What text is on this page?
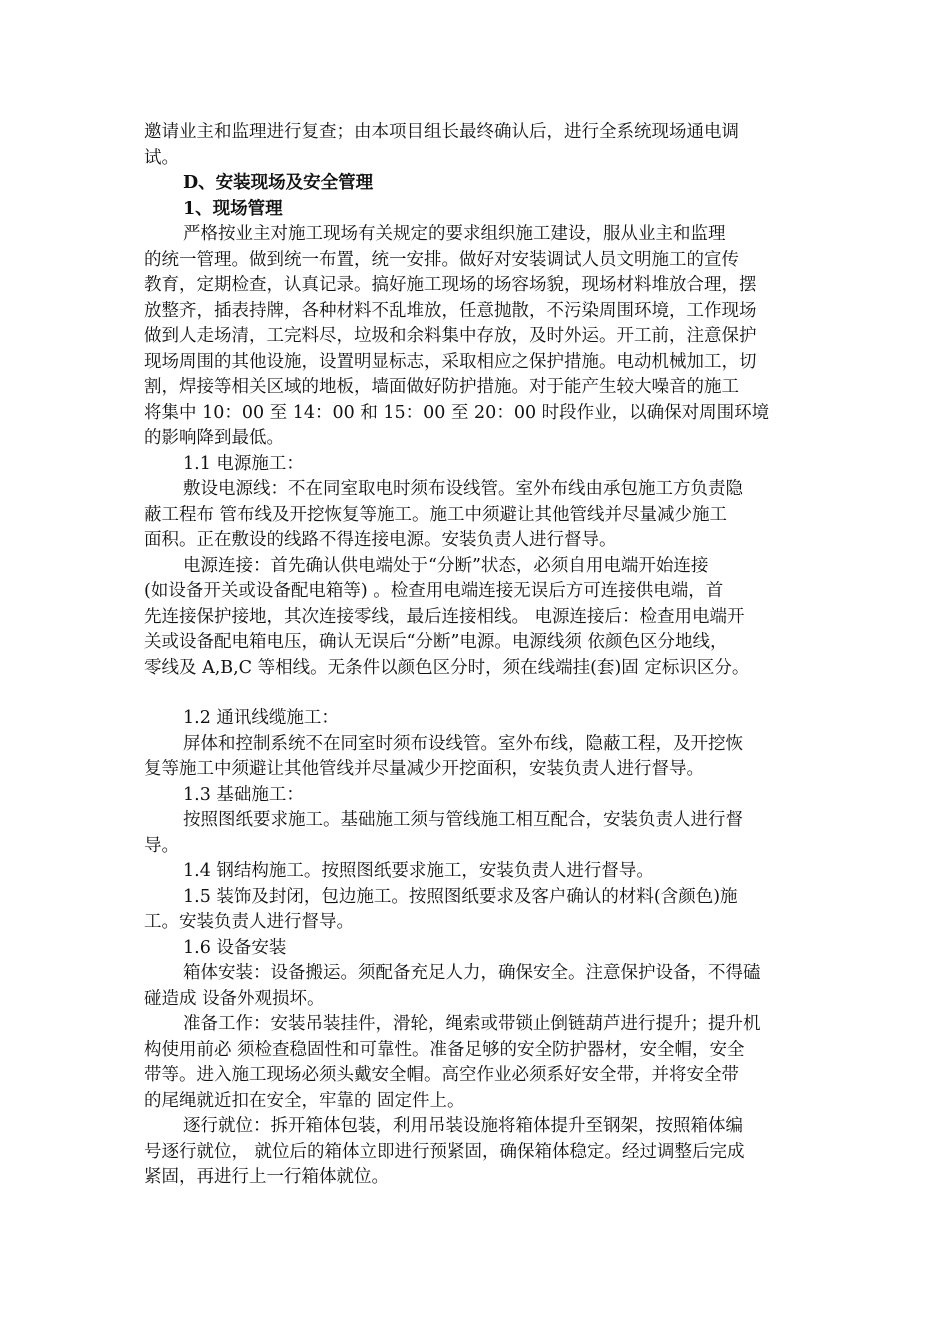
邀请业主和监理进行复查；由本项目组长最终确认后，进行全系统现场通电调
试。
D、安装现场及安全管理
1、现场管理
严格按业主对施工现场有关规定的要求组织施工建设，服从业主和监理
的统一管理。做到统一布置，统一安排。做好对安装调试人员文明施工的宣传
教育，定期检查，认真记录。搞好施工现场的场容场貌，现场材料堆放合理，摆
放整齐，插表持牌，各种材料不乱堆放，任意抛散，不污染周围环境，工作现场
做到人走场清，工完料尽，垃圾和余料集中存放，及时外运。开工前，注意保护
现场周围的其他设施，设置明显标志，采取相应之保护措施。电动机械加工，切
割，焊接等相关区域的地板，墙面做好防护措施。对于能产生较大噪音的施工
将集中 10：00 至 14：00 和 15：00 至 20：00 时段作业，以确保对周围环境
的影响降到最低。
1.1 电源施工：
敷设电源线：不在同室取电时须布设线管。室外布线由承包施工方负责隐
蔽工程布 管布线及开挖恢复等施工。施工中须避让其他管线并尽量减少施工
面积。正在敷设的线路不得连接电源。安装负责人进行督导。
电源连接：首先确认供电端处于“分断”状态，必须自用电端开始连接
(如设备开关或设备配电箱等) 。检查用电端连接无误后方可连接供电端，首
先连接保护接地，其次连接零线，最后连接相线。 电源连接后：检查用电端开
关或设备配电箱电压，确认无误后“分断”电源。电源线须 依颜色区分地线，
零线及 A,B,C 等相线。无条件以颜色区分时，须在线端挂(套)固 定标识区分。
1.2 通讯线缆施工：
屏体和控制系统不在同室时须布设线管。室外布线，隐蔽工程，及开挖恢
复等施工中须避让其他管线并尽量减少开挖面积，安装负责人进行督导。
1.3 基础施工：
按照图纸要求施工。基础施工须与管线施工相互配合，安装负责人进行督
导。
1.4 钢结构施工。按照图纸要求施工，安装负责人进行督导。
1.5 装饰及封闭，包边施工。按照图纸要求及客户确认的材料(含颜色)施
工。安装负责人进行督导。
1.6 设备安装
箱体安装：设备搬运。须配备充足人力，确保安全。注意保护设备，不得磕
碰造成 设备外观损坏。
准备工作：安装吊装挂件，滑轮，绳索或带锁止倒链葫芦进行提升；提升机
构使用前必 须检查稳固性和可靠性。准备足够的安全防护器材，安全帽，安全
带等。进入施工现场必须头戴安全帽。高空作业必须系好安全带，并将安全带
的尾绳就近扣在安全，牢靠的 固定件上。
逐行就位：拆开箱体包装，利用吊装设施将箱体提升至钢架，按照箱体编
号逐行就位， 就位后的箱体立即进行预紧固，确保箱体稳定。经过调整后完成
紧固，再进行上一行箱体就位。
